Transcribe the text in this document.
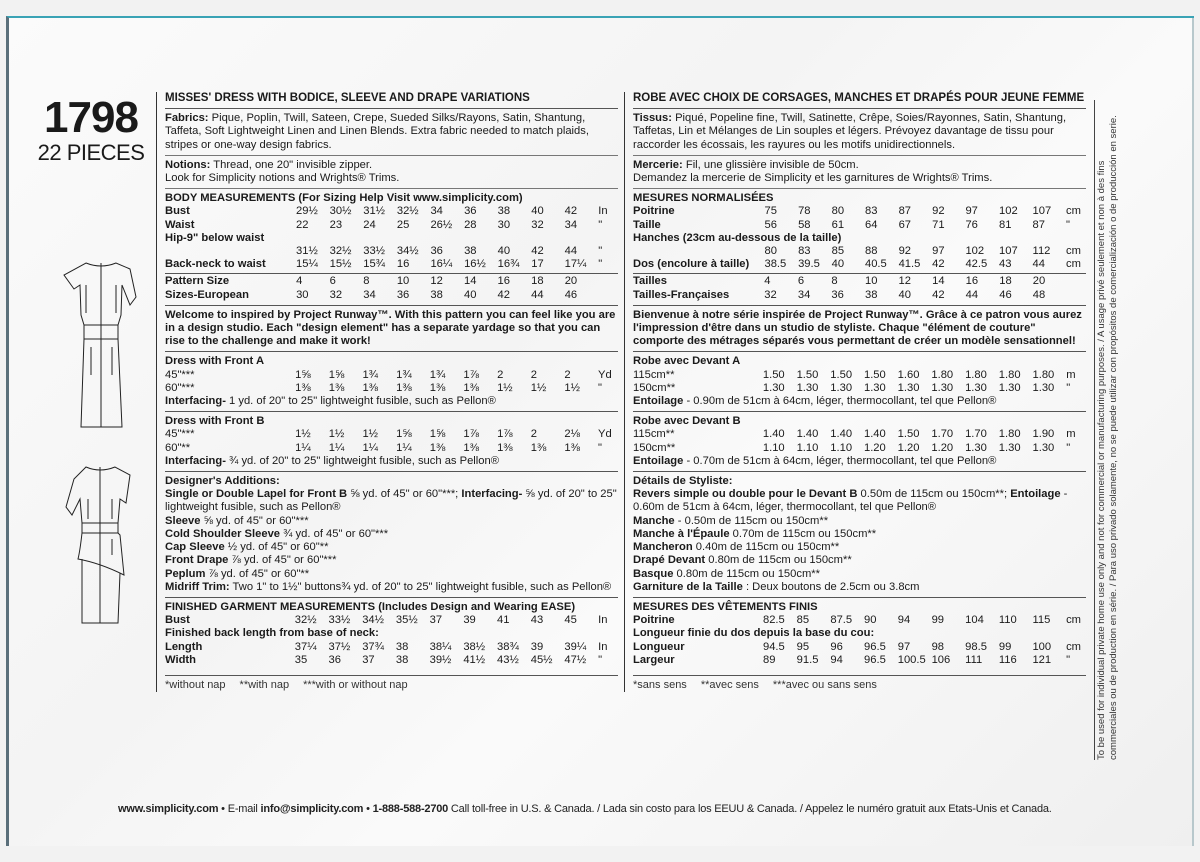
1798
22 PIECES
MISSES' DRESS WITH BODICE, SLEEVE AND DRAPE VARIATIONS
Fabrics: Pique, Poplin, Twill, Sateen, Crepe, Sueded Silks/Rayons, Satin, Shantung, Taffeta, Soft Lightweight Linen and Linen Blends. Extra fabric needed to match plaids, stripes or one-way design fabrics.
Notions: Thread, one 20" invisible zipper.
Look for Simplicity notions and Wrights® Trims.
BODY MEASUREMENTS (For Sizing Help Visit www.simplicity.com)
Bust	29½	30½	31½	32½	34	36	38	40	42	In
Waist	22	23	24	25	26½	28	30	32	34	"
Hip-9" below waist										
	31½	32½	33½	34½	36	38	40	42	44	"
Back-neck to waist	15¼	15½	15¾	16	16¼	16½	16¾	17	17¼	"
Pattern Size	4	6	8	10	12	14	16	18	20	
Sizes-European	30	32	34	36	38	40	42	44	46	
Welcome to inspired by Project Runway™. With this pattern you can feel like you are in a design studio. Each "design element" has a separate yardage so that you can rise to the challenge and make it work!
Dress with Front A
45"***	1⅝	1⅝	1¾	1¾	1¾	1⅞	2	2	2	Yd
60"***	1⅜	1⅜	1⅜	1⅜	1⅜	1⅜	1½	1½	1½	"
Interfacing- 1 yd. of 20" to 25" lightweight fusible, such as Pellon®
Dress with Front B
45"***	1½	1½	1½	1⅝	1⅝	1⅞	1⅞	2	2⅛	Yd
60"**	1¼	1¼	1¼	1¼	1⅜	1⅜	1⅜	1⅜	1⅜	"
Interfacing- ¾ yd. of 20" to 25" lightweight fusible, such as Pellon®
Designer's Additions:
Single or Double Lapel for Front B ⅝ yd. of 45" or 60"***; Interfacing- ⅝ yd. of 20" to 25" lightweight fusible, such as Pellon®
Sleeve ⅝ yd. of 45" or 60"***
Cold Shoulder Sleeve ¾ yd. of 45" or 60"***
Cap Sleeve ½ yd. of 45" or 60"**
Front Drape ⅞ yd. of 45" or 60"***
Peplum ⅞ yd. of 45" or 60"**
Midriff Trim: Two 1" to 1½" buttons¾ yd. of 20" to 25" lightweight fusible, such as Pellon®
FINISHED GARMENT MEASUREMENTS (Includes Design and Wearing EASE)
Bust	32½	33½	34½	35½	37	39	41	43	45	In
Finished back length from base of neck:										
Length	37¼	37½	37¾	38	38¼	38½	38¾	39	39¼	In
Width	35	36	37	38	39½	41½	43½	45½	47½	"
*without nap **with nap ***with or without nap
ROBE AVEC CHOIX DE CORSAGES, MANCHES ET DRAPÉS POUR JEUNE FEMME
Tissus: Piqué, Popeline fine, Twill, Satinette, Crêpe, Soies/Rayonnes, Satin, Shantung, Taffetas, Lin et Mélanges de Lin souples et légers. Prévoyez davantage de tissu pour raccorder les écossais, les rayures ou les motifs unidirectionnels.
Mercerie: Fil, une glissière invisible de 50cm.
Demandez la mercerie de Simplicity et les garnitures de Wrights® Trims.
MESURES NORMALISÉES
Poitrine	75	78	80	83	87	92	97	102	107	cm
Taille	56	58	61	64	67	71	76	81	87	"
Hanches (23cm au-dessous de la taille)										
	80	83	85	88	92	97	102	107	112	cm
Dos (encolure à taille)	38.5	39.5	40	40.5	41.5	42	42.5	43	44	cm
Tailles	4	6	8	10	12	14	16	18	20	
Tailles-Françaises	32	34	36	38	40	42	44	46	48	
Bienvenue à notre série inspirée de Project Runway™. Grâce à ce patron vous aurez l'impression d'être dans un studio de styliste. Chaque "élément de couture" comporte des métrages séparés vous permettant de créer un modèle sensationnel!
Robe avec Devant A
115cm**	1.50	1.50	1.50	1.50	1.60	1.80	1.80	1.80	1.80	m
150cm**	1.30	1.30	1.30	1.30	1.30	1.30	1.30	1.30	1.30	"
Entoilage - 0.90m de 51cm à 64cm, léger, thermocollant, tel que Pellon®
Robe avec Devant B
115cm**	1.40	1.40	1.40	1.40	1.50	1.70	1.70	1.80	1.90	m
150cm**	1.10	1.10	1.10	1.20	1.20	1.20	1.30	1.30	1.30	"
Entoilage - 0.70m de 51cm à 64cm, léger, thermocollant, tel que Pellon®
Détails de Styliste:
Revers simple ou double pour le Devant B 0.50m de 115cm ou 150cm**; Entoilage - 0.60m de 51cm à 64cm, léger, thermocollant, tel que Pellon®
Manche - 0.50m de 115cm ou 150cm**
Manche à l'Épaule 0.70m de 115cm ou 150cm**
Mancheron 0.40m de 115cm ou 150cm**
Drapé Devant 0.80m de 115cm ou 150cm**
Basque 0.80m de 115cm ou 150cm**
Garniture de la Taille : Deux boutons de 2.5cm ou 3.8cm
MESURES DES VÊTEMENTS FINIS
Poitrine	82.5	85	87.5	90	94	99	104	110	115	cm
Longueur finie du dos depuis la base du cou:										
Longueur	94.5	95	96	96.5	97	98	98.5	99	100	cm
Largeur	89	91.5	94	96.5	100.5	106	111	116	121	"
*sans sens **avec sens ***avec ou sans sens	To be used for individual private home use only and not for commercial or manufacturing purposes. / A usage privé seulement et non à des fins commerciales ou de production en série. / Para uso privado solamente, no se puede utilizar con propósitos de comercialización o de producción en serie.
www.simplicity.com • E-mail info@simplicity.com • 1-888-588-2700 Call toll-free in U.S. & Canada. / Lada sin costo para los EEUU & Canada. / Appelez le numéro gratuit aux Etats-Unis et Canada.
